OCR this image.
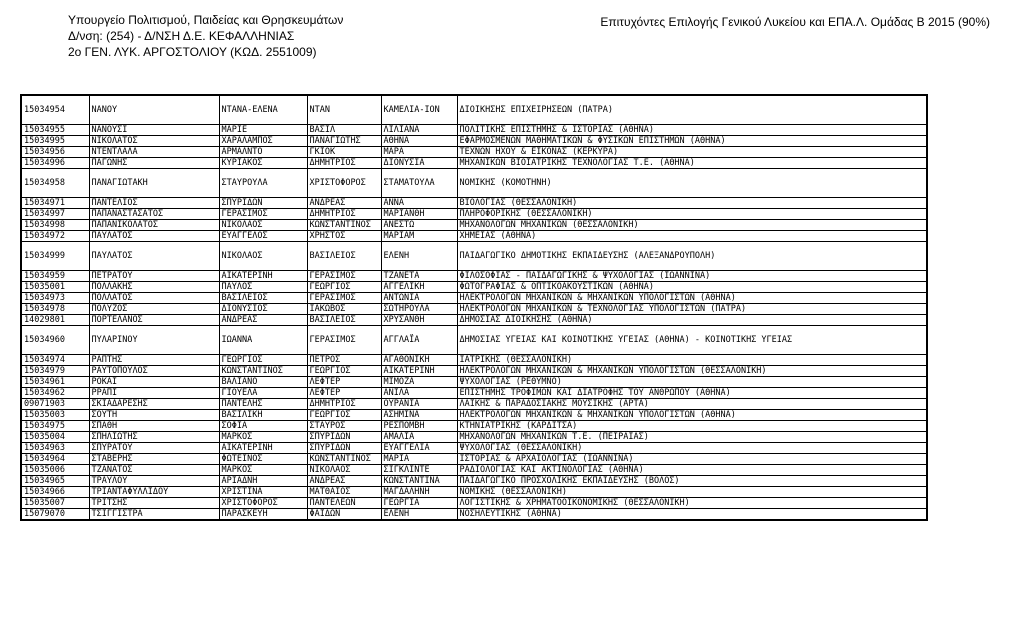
Υπουργείο Πολιτισμού, Παιδείας και Θρησκευμάτων
Δ/νση: (254) - Δ/ΝΣΗ Δ.Ε. ΚΕΦΑΛΛΗΝΙΑΣ
2ο ΓΕΝ. ΛΥΚ. ΑΡΓΟΣΤΟΛΙΟΥ (ΚΩΔ. 2551009)
Επιτυχόντες Επιλογής Γενικού Λυκείου και ΕΠΑ.Λ. Ομάδας Β 2015 (90%)
15034954	ΝΑΝΟΥ	ΝΤΑΝΑ-ΕΛΕΝΑ	ΝΤΑΝ	ΚΑΜΕΛΙΑ-ΙΟΝ	ΔΙΟΙΚΗΣΗΣ ΕΠΙΧΕΙΡΗΣΕΩΝ (ΠΑΤΡΑ)
15034955	ΝΑΝΟΥΣΙ	ΜΑΡΙΕ	ΒΑΣΙΛ	ΛΙΛΙΑΝΑ	ΠΟΛΙΤΙΚΗΣ ΕΠΙΣΤΗΜΗΣ & ΙΣΤΟΡΙΑΣ (ΑΘΗΝΑ)
15034995	ΝΙΚΟΛΑΤΟΣ	ΧΑΡΑΛΑΜΠΟΣ	ΠΑΝΑΓΙΩΤΗΣ	ΑΘΗΝΑ	ΕΦΑΡΜΟΣΜΕΝΩΝ ΜΑΘΗΜΑΤΙΚΩΝ & ΦΥΣΙΚΩΝ ΕΠΙΣΤΗΜΩΝ (ΑΘΗΝΑ)
15034956	ΝΤΕΝΤΛΑΛΑ	ΑΡΜΑΛΝΤΟ	ΓΚΙΟΚ	ΜΑΡΑ	ΤΕΧΝΩΝ ΗΧΟΥ & ΕΙΚΟΝΑΣ (ΚΕΡΚΥΡΑ)
15034996	ΠΑΓΩΝΗΣ	ΚΥΡΙΑΚΟΣ	ΔΗΜΗΤΡΙΟΣ	ΔΙΟΝΥΣΙΑ	ΜΗΧΑΝΙΚΩΝ ΒΙΟΪΑΤΡΙΚΗΣ ΤΕΧΝΟΛΟΓΙΑΣ Τ.Ε. (ΑΘΗΝΑ)
15034958	ΠΑΝΑΓΙΩΤΑΚΗ	ΣΤΑΥΡΟΥΛΑ	ΧΡΙΣΤΟΦΟΡΟΣ	ΣΤΑΜΑΤΟΥΛΑ	ΝΟΜΙΚΗΣ (ΚΟΜΟΤΗΝΗ)
15034971	ΠΑΝΤΕΛΙΟΣ	ΣΠΥΡΙΔΩΝ	ΑΝΔΡΕΑΣ	ΑΝΝΑ	ΒΙΟΛΟΓΙΑΣ (ΘΕΣΣΑΛΟΝΙΚΗ)
15034997	ΠΑΠΑΝΑΣΤΑΣΑΤΟΣ	ΓΕΡΑΣΙΜΟΣ	ΔΗΜΗΤΡΙΟΣ	ΜΑΡΙΑΝΘΗ	ΠΛΗΡΟΦΟΡΙΚΗΣ (ΘΕΣΣΑΛΟΝΙΚΗ)
15034998	ΠΑΠΑΝΙΚΟΛΑΤΟΣ	ΝΙΚΟΛΑΟΣ	ΚΩΝΣΤΑΝΤΙΝΟΣ	ΑΝΕΣΤΩ	ΜΗΧΑΝΟΛΟΓΩΝ ΜΗΧΑΝΙΚΩΝ (ΘΕΣΣΑΛΟΝΙΚΗ)
15034972	ΠΑΥΛΑΤΟΣ	ΕΥΑΓΓΕΛΟΣ	ΧΡΗΣΤΟΣ	ΜΑΡΙΑΜ	ΧΗΜΕΙΑΣ (ΑΘΗΝΑ)
15034999	ΠΑΥΛΑΤΟΣ	ΝΙΚΟΛΑΟΣ	ΒΑΣΙΛΕΙΟΣ	ΕΛΕΝΗ	ΠΑΙΔΑΓΩΓΙΚΟ ΔΗΜΟΤΙΚΗΣ ΕΚΠΑΙΔΕΥΣΗΣ (ΑΛΕΞΑΝΔΡΟΥΠΟΛΗ)
15034959	ΠΕΤΡΑΤΟΥ	ΑΙΚΑΤΕΡΙΝΗ	ΓΕΡΑΣΙΜΟΣ	ΤΖΑΝΕΤΑ	ΦΙΛΟΣΟΦΙΑΣ - ΠΑΙΔΑΓΩΓΙΚΗΣ & ΨΥΧΟΛΟΓΙΑΣ (ΙΩΑΝΝΙΝΑ)
15035001	ΠΟΛΛΑΚΗΣ	ΠΑΥΛΟΣ	ΓΕΩΡΓΙΟΣ	ΑΓΓΕΛΙΚΗ	ΦΩΤΟΓΡΑΦΙΑΣ & ΟΠΤΙΚΟΑΚΟΥΣΤΙΚΩΝ (ΑΘΗΝΑ)
15034973	ΠΟΛΛΑΤΟΣ	ΒΑΣΙΛΕΙΟΣ	ΓΕΡΑΣΙΜΟΣ	ΑΝΤΩΝΙΑ	ΗΛΕΚΤΡΟΛΟΓΩΝ ΜΗΧΑΝΙΚΩΝ & ΜΗΧΑΝΙΚΩΝ ΥΠΟΛΟΓΙΣΤΩΝ (ΑΘΗΝΑ)
15034978	ΠΟΛΥΖΟΣ	ΔΙΟΝΥΣΙΟΣ	ΙΑΚΩΒΟΣ	ΣΩΤΗΡΟΥΛΑ	ΗΛΕΚΤΡΟΛΟΓΩΝ ΜΗΧΑΝΙΚΩΝ & ΤΕΧΝΟΛΟΓΙΑΣ ΥΠΟΛΟΓΙΣΤΩΝ (ΠΑΤΡΑ)
14029801	ΠΟΡΤΕΛΑΝΟΣ	ΑΝΔΡΕΑΣ	ΒΑΣΙΛΕΙΟΣ	ΧΡΥΣΑΝΘΗ	ΔΗΜΟΣΙΑΣ ΔΙΟΙΚΗΣΗΣ (ΑΘΗΝΑ)
15034960	ΠΥΛΑΡΙΝΟΥ	ΙΩΑΝΝΑ	ΓΕΡΑΣΙΜΟΣ	ΑΓΓΛΑΪΑ	ΔΗΜΟΣΙΑΣ ΥΓΕΙΑΣ ΚΑΙ ΚΟΙΝΟΤΙΚΗΣ ΥΓΕΙΑΣ (ΑΘΗΝΑ) - ΚΟΙΝΟΤΙΚΗΣ ΥΓΕΙΑΣ
15034974	ΡΑΠΤΗΣ	ΓΕΩΡΓΙΟΣ	ΠΕΤΡΟΣ	ΑΓΑΘΟΝΙΚΗ	ΙΑΤΡΙΚΗΣ (ΘΕΣΣΑΛΟΝΙΚΗ)
15034979	ΡΑΥΤΟΠΟΥΛΟΣ	ΚΩΝΣΤΑΝΤΙΝΟΣ	ΓΕΩΡΓΙΟΣ	ΑΙΚΑΤΕΡΙΝΗ	ΗΛΕΚΤΡΟΛΟΓΩΝ ΜΗΧΑΝΙΚΩΝ & ΜΗΧΑΝΙΚΩΝ ΥΠΟΛΟΓΙΣΤΩΝ (ΘΕΣΣΑΛΟΝΙΚΗ)
15034961	ΡΟΚΑΪ	ΒΑΛΙΑΝΟ	ΛΕΦΤΕΡ	ΜΙΜΟΖΑ	ΨΥΧΟΛΟΓΙΑΣ (ΡΕΘΥΜΝΟ)
15034962	ΡΡΑΠΙ	ΓΙΟΥΕΛΑ	ΛΕΦΤΕΡ	ΑΝΙΛΑ	ΕΠΙΣΤΗΜΗΣ ΤΡΟΦΙΜΩΝ ΚΑΙ ΔΙΑΤΡΟΦΗΣ ΤΟΥ ΑΝΘΡΩΠΟΥ (ΑΘΗΝΑ)
09071903	ΣΚΙΑΔΑΡΕΣΗΣ	ΠΑΝΤΕΛΗΣ	ΔΗΜΗΤΡΙΟΣ	ΟΥΡΑΝΙΑ	ΛΑΪΚΗΣ & ΠΑΡΑΔΟΣΙΑΚΗΣ ΜΟΥΣΙΚΗΣ (ΑΡΤΑ)
15035003	ΣΟΥΤΗ	ΒΑΣΙΛΙΚΗ	ΓΕΩΡΓΙΟΣ	ΑΣΗΜΙΝΑ	ΗΛΕΚΤΡΟΛΟΓΩΝ ΜΗΧΑΝΙΚΩΝ & ΜΗΧΑΝΙΚΩΝ ΥΠΟΛΟΓΙΣΤΩΝ (ΑΘΗΝΑ)
15034975	ΣΠΑΘΗ	ΣΟΦΙΑ	ΣΤΑΥΡΟΣ	ΡΕΣΠΟΜΒΗ	ΚΤΗΝΙΑΤΡΙΚΗΣ (ΚΑΡΔΙΤΣΑ)
15035004	ΣΠΗΛΙΩΤΗΣ	ΜΑΡΚΟΣ	ΣΠΥΡΙΔΩΝ	ΑΜΑΛΙΑ	ΜΗΧΑΝΟΛΟΓΩΝ ΜΗΧΑΝΙΚΩΝ Τ.Ε. (ΠΕΙΡΑΙΑΣ)
15034963	ΣΠΥΡΑΤΟΥ	ΑΙΚΑΤΕΡΙΝΗ	ΣΠΥΡΙΔΩΝ	ΕΥΑΓΓΕΛΙΑ	ΨΥΧΟΛΟΓΙΑΣ (ΘΕΣΣΑΛΟΝΙΚΗ)
15034964	ΣΤΑΒΕΡΗΣ	ΦΩΤΕΙΝΟΣ	ΚΩΝΣΤΑΝΤΙΝΟΣ	ΜΑΡΙΑ	ΙΣΤΟΡΙΑΣ & ΑΡΧΑΙΟΛΟΓΙΑΣ (ΙΩΑΝΝΙΝΑ)
15035006	ΤΖΑΝΑΤΟΣ	ΜΑΡΚΟΣ	ΝΙΚΟΛΑΟΣ	ΣΙΓΚΛΙΝΤΕ	ΡΑΔΙΟΛΟΓΙΑΣ ΚΑΙ ΑΚΤΙΝΟΛΟΓΙΑΣ (ΑΘΗΝΑ)
15034965	ΤΡΑΥΛΟΥ	ΑΡΙΑΔΝΗ	ΑΝΔΡΕΑΣ	ΚΩΝΣΤΑΝΤΙΝΑ	ΠΑΙΔΑΓΩΓΙΚΟ ΠΡΟΣΧΟΛΙΚΗΣ ΕΚΠΑΙΔΕΥΣΗΣ (ΒΟΛΟΣ)
15034966	ΤΡΙΑΝΤΑΦΥΛΛΙΔΟΥ	ΧΡΙΣΤΙΝΑ	ΜΑΤΘΑΙΟΣ	ΜΑΓΔΑΛΗΝΗ	ΝΟΜΙΚΗΣ (ΘΕΣΣΑΛΟΝΙΚΗ)
15035007	ΤΡΙΤΣΗΣ	ΧΡΙΣΤΟΦΟΡΟΣ	ΠΑΝΤΕΛΕΩΝ	ΓΕΩΡΓΙΑ	ΛΟΓΙΣΤΙΚΗΣ & ΧΡΗΜΑΤΟΟΙΚΟΝΟΜΙΚΗΣ (ΘΕΣΣΑΛΟΝΙΚΗ)
15079070	ΤΣΙΓΓΙΣΤΡΑ	ΠΑΡΑΣΚΕΥΗ	ΦΑΙΔΩΝ	ΕΛΕΝΗ	ΝΟΣΗΛΕΥΤΙΚΗΣ (ΑΘΗΝΑ)
